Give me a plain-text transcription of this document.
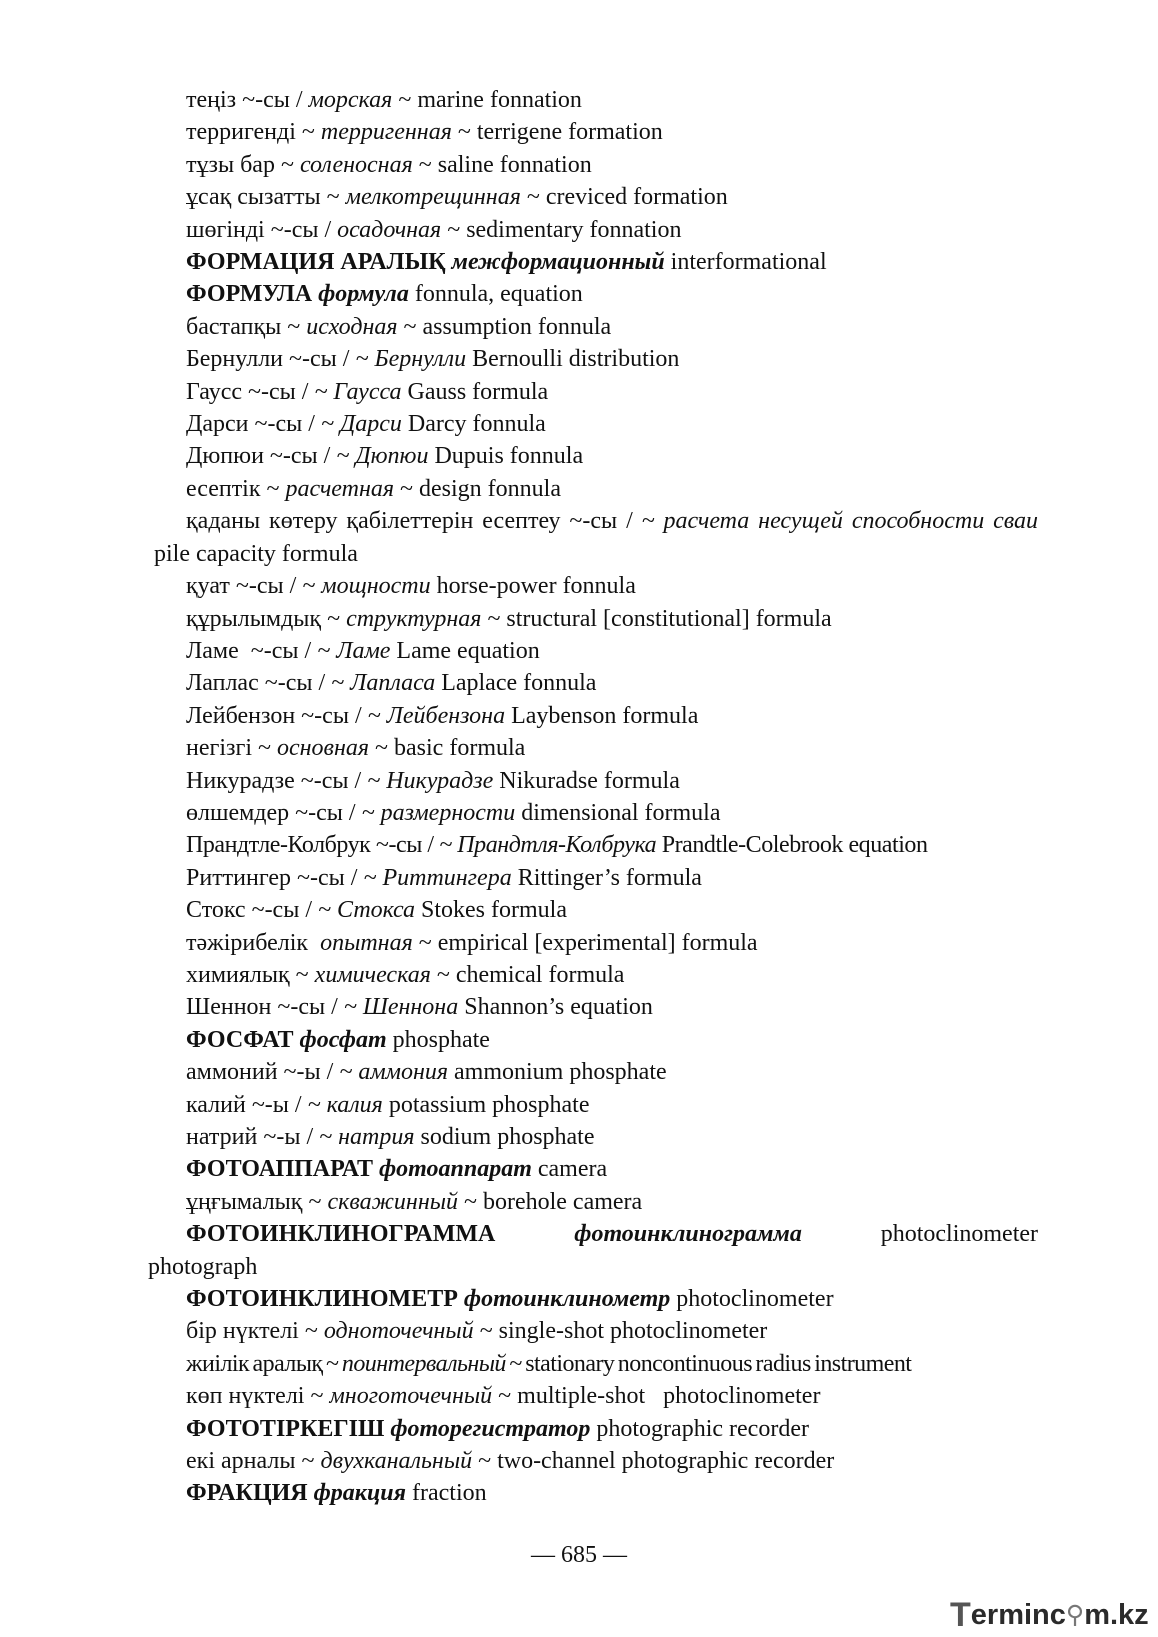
теңіз ~-сы / морская ~ marine fonnation
терригенді ~ терригенная ~ terrigene formation
тұзы бар ~ соленосная ~ saline fonnation
ұсақ сызатты ~ мелкотрещинная ~ creviced formation
шөгінді ~-сы / осадочная ~ sedimentary fonnation
ФОРМАЦИЯ АРАЛЫҚ межформационный interformational
ФОРМУЛА формула fonnula, equation
бастапқы ~ исходная ~ assumption fonnula
Бернулли ~-сы / ~ Бернулли Bernoulli distribution
Гаусс ~-сы / ~ Гаусса Gauss formula
Дарси ~-сы / ~ Дарси Darcy fonnula
Дюпюи ~-сы / ~ Дюпюи Dupuis fonnula
есептік ~ расчетная ~ design fonnula
қаданы көтеру қабілеттерін есептеу ~-сы / ~ расчета несущей способности сваи pile capacity formula
қуат ~-сы / ~ мощности horse-power fonnula
құрылымдық ~ структурная ~ structural [constitutional] formula
Ламе  ~-сы / ~ Ламе Lame equation
Лаплас ~-сы / ~ Лапласа Laplace fonnula
Лейбензон ~-сы / ~ Лейбензона Laybenson formula
негізгі ~ основная ~ basic formula
Никурадзе ~-сы / ~ Никурадзе Nikuradse formula
өлшемдер ~-сы / ~ размерности dimensional formula
Прандтле-Колбрук ~-сы / ~ Прандтля-Колбрука Prandtle-Colebrook equation
Риттингер ~-сы / ~ Риттингера Rittinger’s formula
Стокс ~-сы / ~ Стокса Stokes formula
тәжірибелік  опытная ~ empirical [experimental] formula
химиялық ~ химическая ~ chemical formula
Шеннон ~-сы / ~ Шеннона Shannon’s equation
ФОСФАТ фосфат phosphate
аммоний ~-ы / ~ аммония ammonium phosphate
калий ~-ы / ~ калия potassium phosphate
натрий ~-ы / ~ натрия sodium phosphate
ФОТОАППАРАТ фотоаппарат camera
ұңғымалық ~ скважинный ~ borehole camera
ФОТОИНКЛИНОГРАММА фотоинклинограмма photoclinometer photograph
ФОТОИНКЛИНОМЕТР фотоинклинометр photoclinometer
бір нүктелі ~ одноточечный ~ single-shot photoclinometer
жиілік аралық ~ поинтервальный ~ stationary noncontinuous radius instrument
көп нүктелі ~ многоточечный ~ multiple-shot   photoclinometer
ФОТОТІРКЕГІШ фоторегистратор photographic recorder
екі арналы ~ двухканальный ~ two-channel photographic recorder
ФРАКЦИЯ фракция fraction
— 685 —
T erminc ⚲ m.kz
